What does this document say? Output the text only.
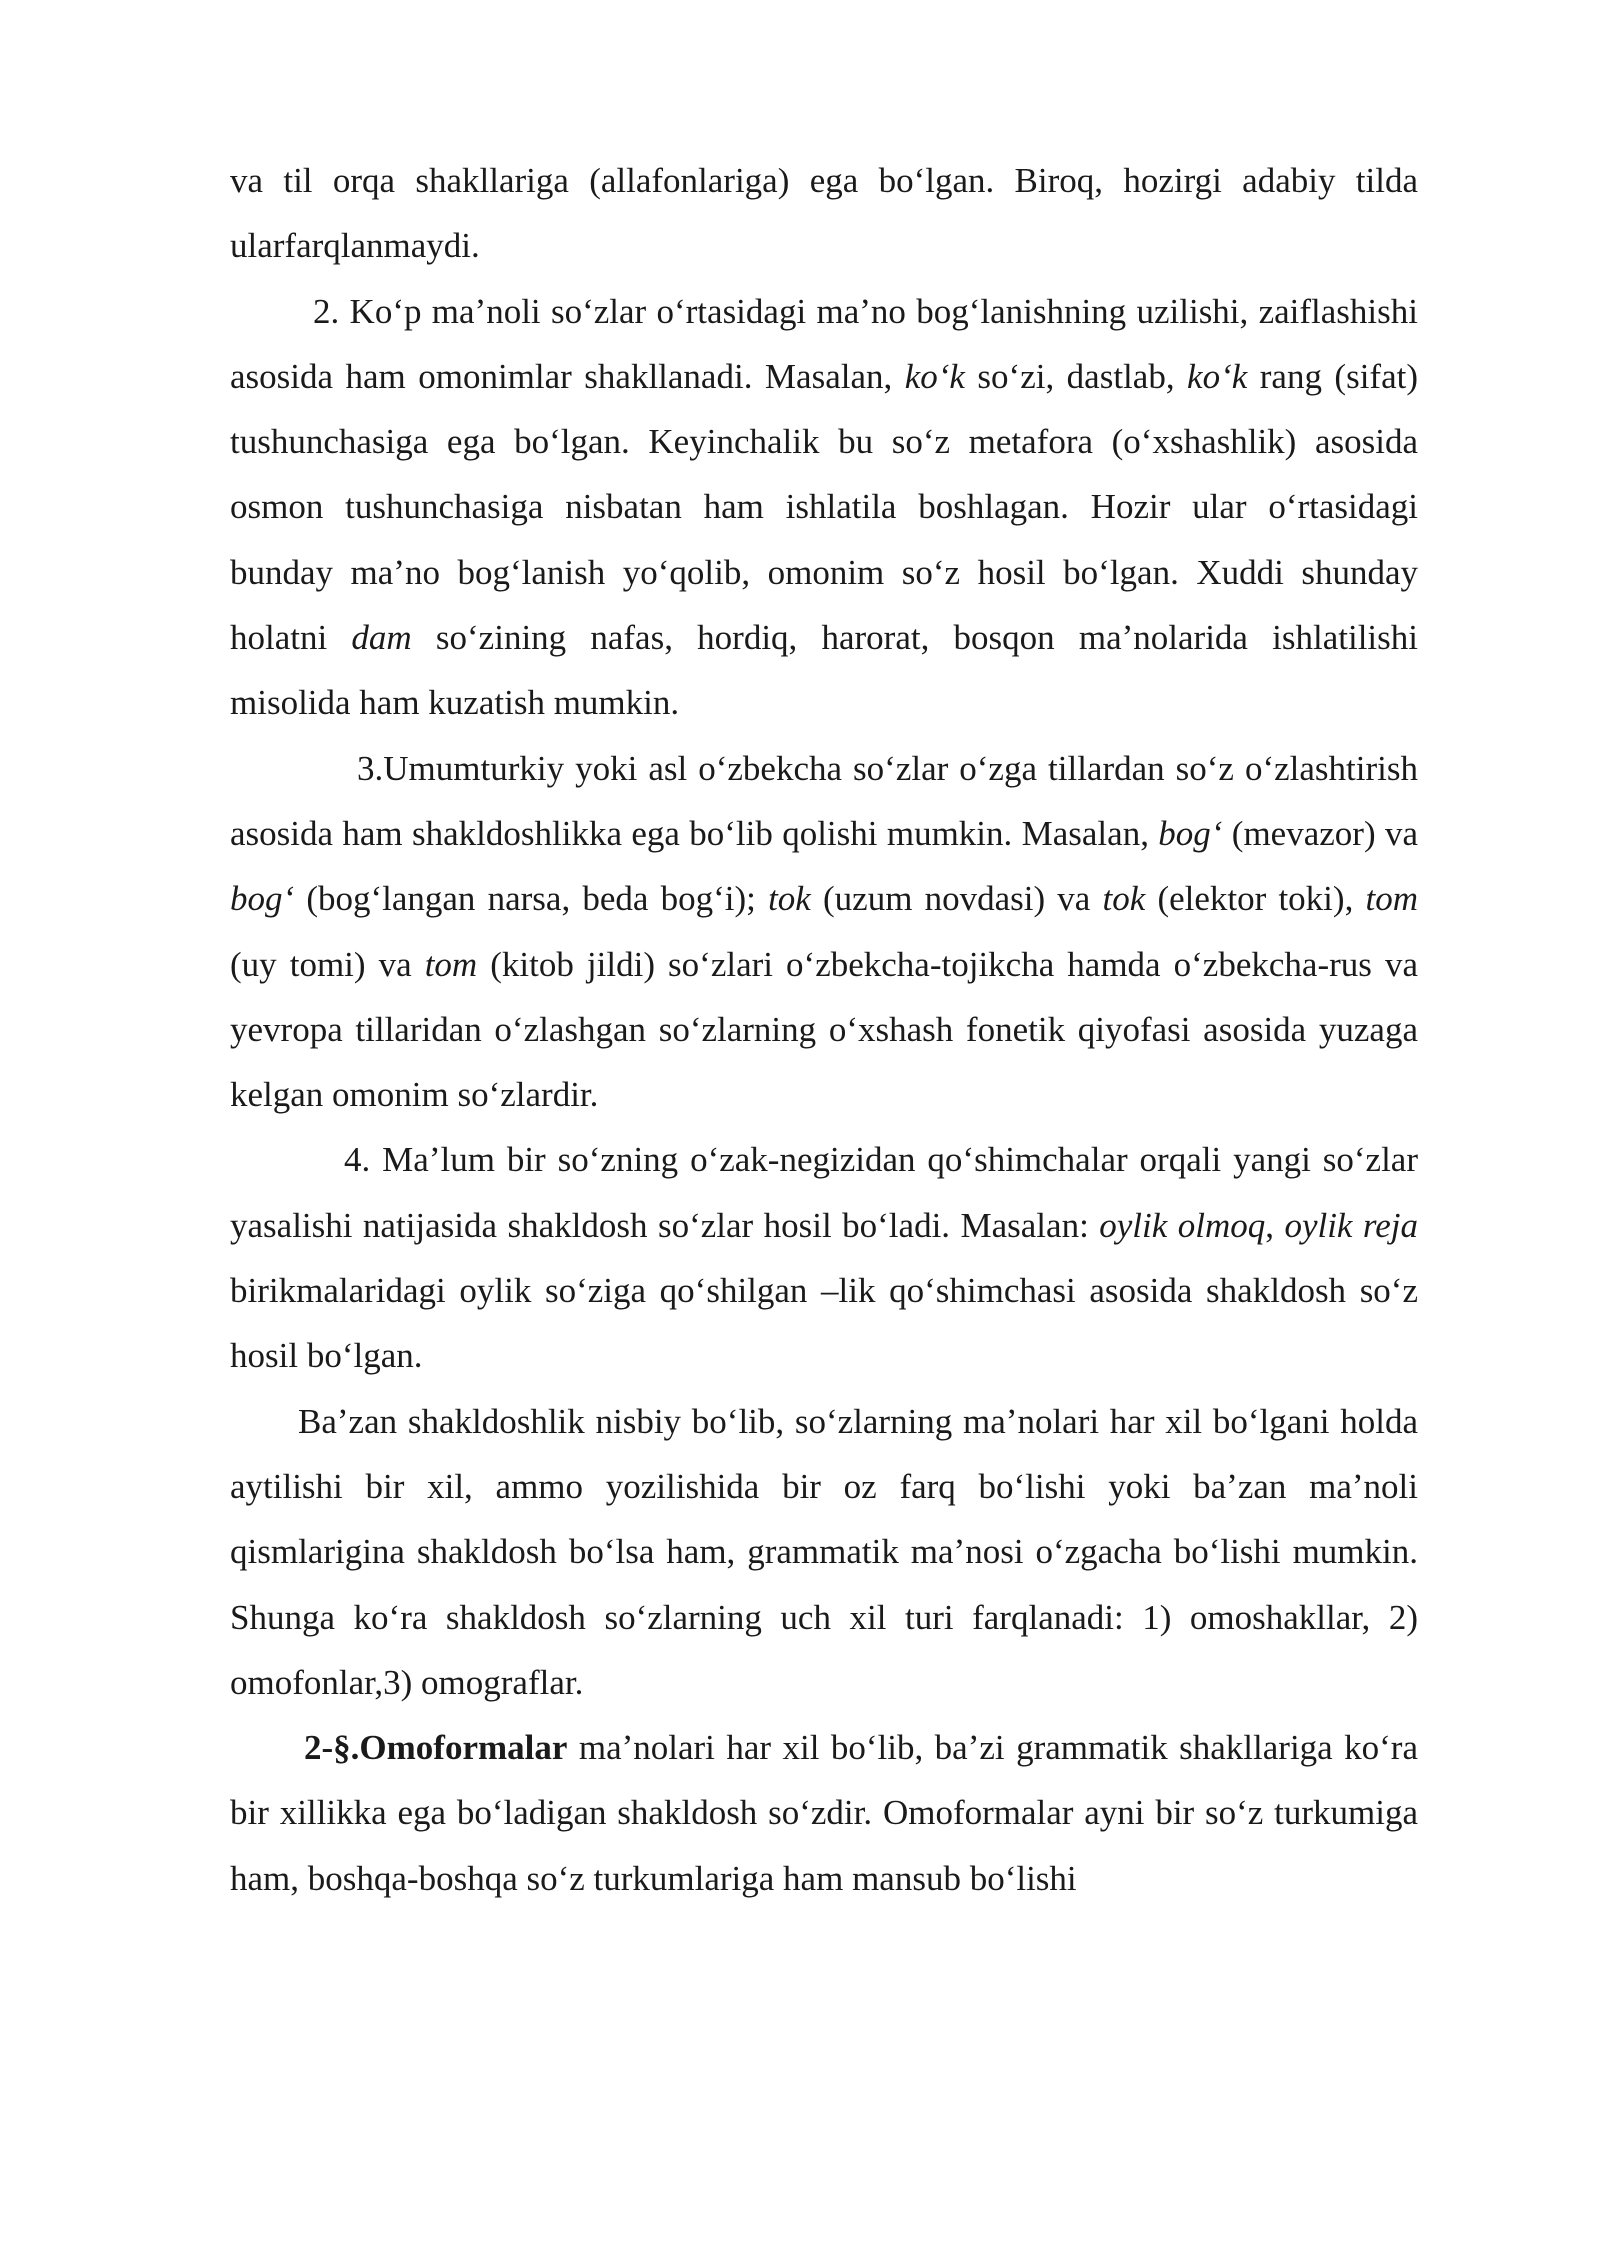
va til orqa shakllariga (allafonlariga) ega boʻlgan. Biroq, hozirgi adabiy tilda ularfarqlanmaydi.

2. Koʻp maʼnoli soʻzlar oʻrtasidagi maʼno bogʻlanishning uzilishi, zaiflashishi asosida ham omonimlar shakllanadi. Masalan, koʻk soʻzi, dastlab, koʻk rang (sifat) tushunchasiga ega boʻlgan. Keyinchalik bu soʻz metafora (oʻxshashlik) asosida osmon tushunchasiga nisbatan ham ishlatila boshlagan. Hozir ular oʻrtasidagi bunday maʼno bogʻlanish yoʻqolib, omonim soʻz hosil boʻlgan. Xuddi shunday holatni dam soʻzining nafas, hordiq, harorat, bosqon maʼnolarida ishlatilishi misolida ham kuzatish mumkin.

3.Umumturkiy yoki asl oʻzbekcha soʻzlar oʻzga tillardan soʻz oʻzlashtirish asosida ham shakldoshlikka ega boʻlib qolishi mumkin. Masalan, bogʻ (mevazor) va bogʻ (bogʻlangan narsa, beda bogʻi); tok (uzum novdasi) va tok (elektor toki), tom (uy tomi) va tom (kitob jildi) soʻzlari oʻzbekcha-tojikcha hamda oʻzbekcha-rus va yevropa tillaridan oʻzlashgan soʻzlarning oʻxshash fonetik qiyofasi asosida yuzaga kelgan omonim soʻzlardir.

4. Maʼlum bir soʻzning oʻzak-negizidan qoʻshimchalar orqali yangi soʻzlar yasalishi natijasida shakldosh soʻzlar hosil boʻladi. Masalan: oylik olmoq, oylik reja birikmalaridagi oylik soʻziga qoʻshilgan –lik qoʻshimchasi asosida shakldosh soʻz hosil boʻlgan.

Baʼzan shakldoshlik nisbiy boʻlib, soʻzlarning maʼnolari har xil boʻlgani holda aytilishi bir xil, ammo yozilishida bir oz farq boʻlishi yoki baʼzan maʼnoli qismlarigina shakldosh boʻlsa ham, grammatik maʼnosi oʻzgacha boʻlishi mumkin. Shunga koʻra shakldosh soʻzlarning uch xil turi farqlanadi: 1) omoshakllar, 2) omofonlar,3) omograflar.

2-§.Omoformalar maʼnolari har xil boʻlib, baʼzi grammatik shakllariga koʻra bir xillikka ega boʻladigan shakldosh soʻzdir. Omoformalar ayni bir soʻz turkumiga ham, boshqa-boshqa soʻz turkumlariga ham mansub boʻlishi
